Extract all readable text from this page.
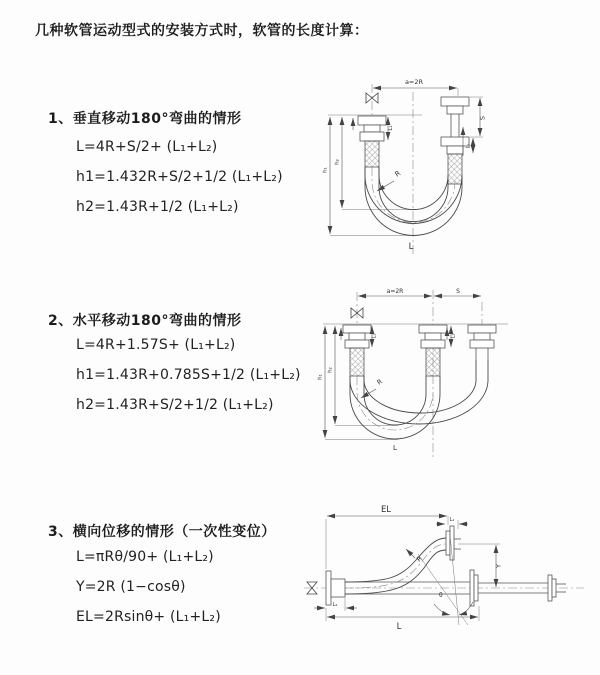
几种软管运动型式的安装方式时，软管的长度计算：
1、垂直移动180°弯曲的情形
L=4R+S/2+ (L₁+L₂)
h1=1.432R+S/2+1/2 (L₁+L₂)
h2=1.43R+1/2 (L₁+L₂)
2、水平移动180°弯曲的情形
L=4R+1.57S+ (L₁+L₂)
h1=1.43R+0.785S+1/2 (L₁+L₂)
h2=1.43R+S/2+1/2 (L₁+L₂)
3、横向位移的情形（一次性变位）
L=πRθ/90+ (L₁+L₂)
Y=2R (1−cosθ)
EL=2Rsinθ+ (L₁+L₂)
a=2R
L₁
S
L₂
h₁
h₂
R
L
a=2R	S
L₁	L₂
h₁
h₂
R
L
EL
L₁
Y
R
θ
L
L₂
